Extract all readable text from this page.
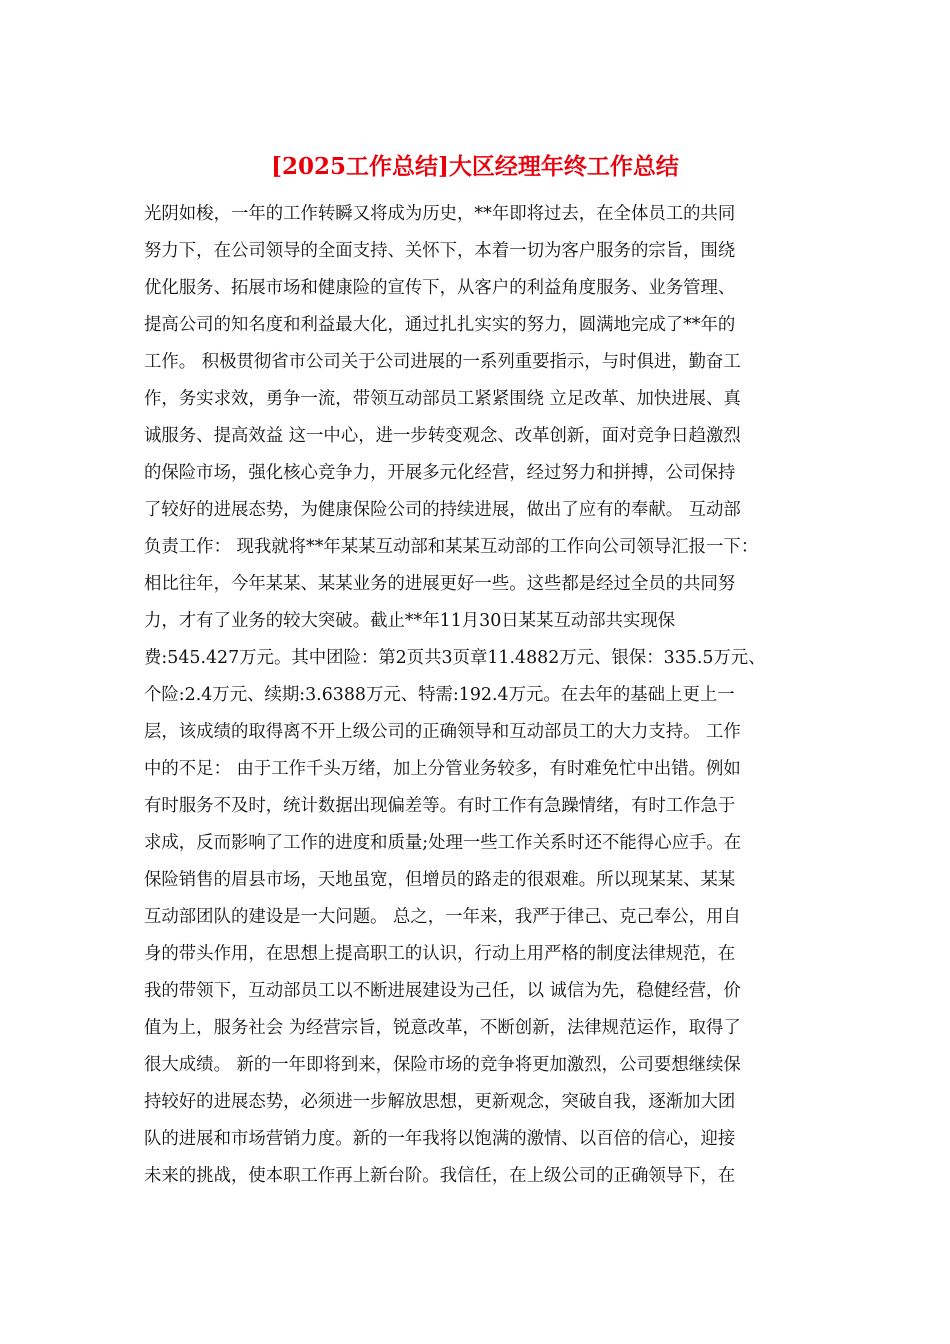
[2025工作总结]大区经理年终工作总结
光阴如梭，一年的工作转瞬又将成为历史，**年即将过去，在全体员工的共同
努力下，在公司领导的全面支持、关怀下，本着一切为客户服务的宗旨，围绕
优化服务、拓展市场和健康险的宣传下，从客户的利益角度服务、业务管理、
提高公司的知名度和利益最大化，通过扎扎实实的努力，圆满地完成了**年的
工作。 积极贯彻省市公司关于公司进展的一系列重要指示，与时俱进，勤奋工
作，务实求效，勇争一流，带领互动部员工紧紧围绕 立足改革、加快进展、真
诚服务、提高效益 这一中心，进一步转变观念、改革创新，面对竞争日趋激烈
的保险市场，强化核心竞争力，开展多元化经营，经过努力和拼搏，公司保持
了较好的进展态势，为健康保险公司的持续进展，做出了应有的奉献。 互动部
负责工作： 现我就将**年某某互动部和某某互动部的工作向公司领导汇报一下：
相比往年，今年某某、某某业务的进展更好一些。这些都是经过全员的共同努
力，才有了业务的较大突破。截止**年11月30日某某互动部共实现保
费:545.427万元。其中团险：第2页共3页章11.4882万元、银保：335.5万元、
个险:2.4万元、续期:3.6388万元、特需:192.4万元。在去年的基础上更上一
层，该成绩的取得离不开上级公司的正确领导和互动部员工的大力支持。 工作
中的不足： 由于工作千头万绪，加上分管业务较多，有时难免忙中出错。例如
有时服务不及时，统计数据出现偏差等。有时工作有急躁情绪，有时工作急于
求成，反而影响了工作的进度和质量;处理一些工作关系时还不能得心应手。在
保险销售的眉县市场，天地虽宽，但增员的路走的很艰难。所以现某某、某某
互动部团队的建设是一大问题。 总之，一年来，我严于律己、克己奉公，用自
身的带头作用，在思想上提高职工的认识，行动上用严格的制度法律规范，在
我的带领下，互动部员工以不断进展建设为己任，以 诚信为先，稳健经营，价
值为上，服务社会 为经营宗旨，锐意改革，不断创新，法律规范运作，取得了
很大成绩。 新的一年即将到来，保险市场的竞争将更加激烈，公司要想继续保
持较好的进展态势，必须进一步解放思想，更新观念，突破自我，逐渐加大团
队的进展和市场营销力度。新的一年我将以饱满的激情、以百倍的信心，迎接
未来的挑战，使本职工作再上新台阶。我信任，在上级公司的正确领导下，在
